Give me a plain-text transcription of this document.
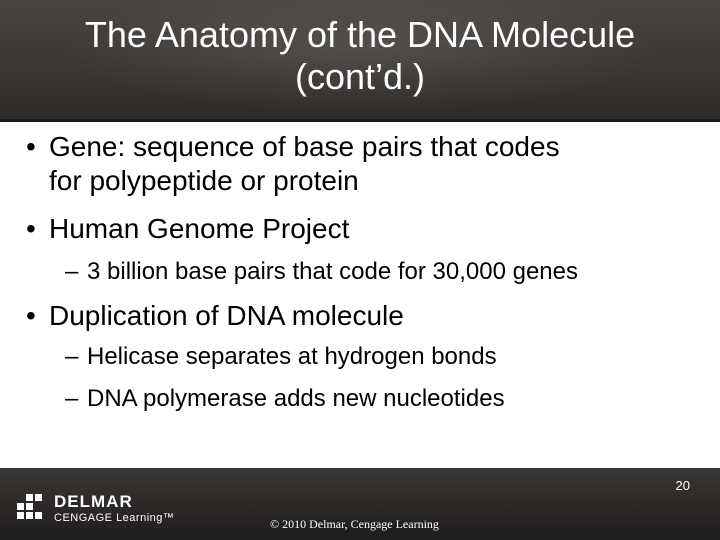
The Anatomy of the DNA Molecule
(cont’d.)
• Gene: sequence of base pairs that codes
for polypeptide or protein
• Human Genome Project
– 3 billion base pairs that code for 30,000 genes
• Duplication of DNA molecule
– Helicase separates at hydrogen bonds
– DNA polymerase adds new nucleotides
DELMAR
CENGAGE Learning™	© 2010 Delmar, Cengage Learning
20
